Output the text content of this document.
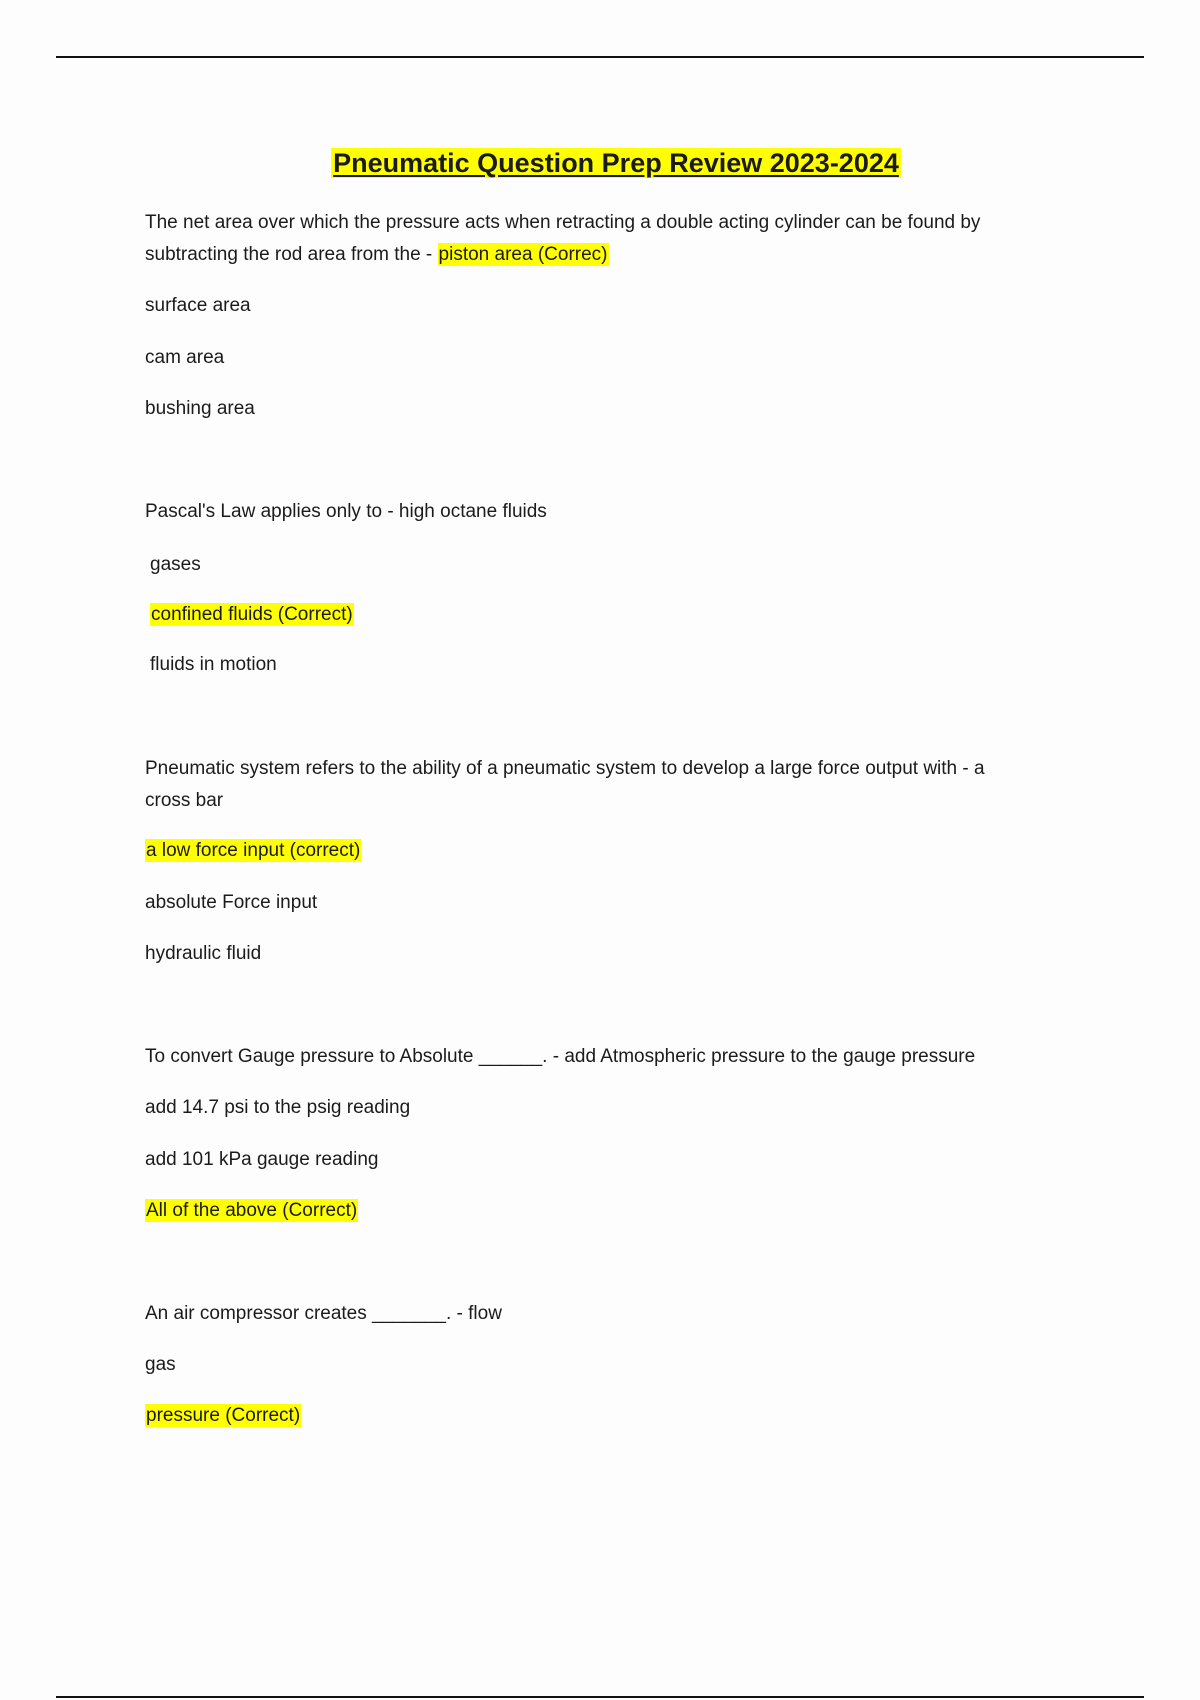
Pneumatic Question Prep Review 2023-2024

The net area over which the pressure acts when retracting a double acting cylinder can be found by

subtracting the rod area from the - piston area (Correc)

surface area

cam area

bushing area

Pascal's Law applies only to - high octane fluids

gases

confined fluids (Correct)

fluids in motion

Pneumatic system refers to the ability of a pneumatic system to develop a large force output with - a

cross bar

a low force input (correct)

absolute Force input

hydraulic fluid

To convert Gauge pressure to Absolute ______. - add Atmospheric pressure to the gauge pressure

add 14.7 psi to the psig reading

add 101 kPa gauge reading

All of the above (Correct)

An air compressor creates _______. - flow

gas

pressure (Correct)
